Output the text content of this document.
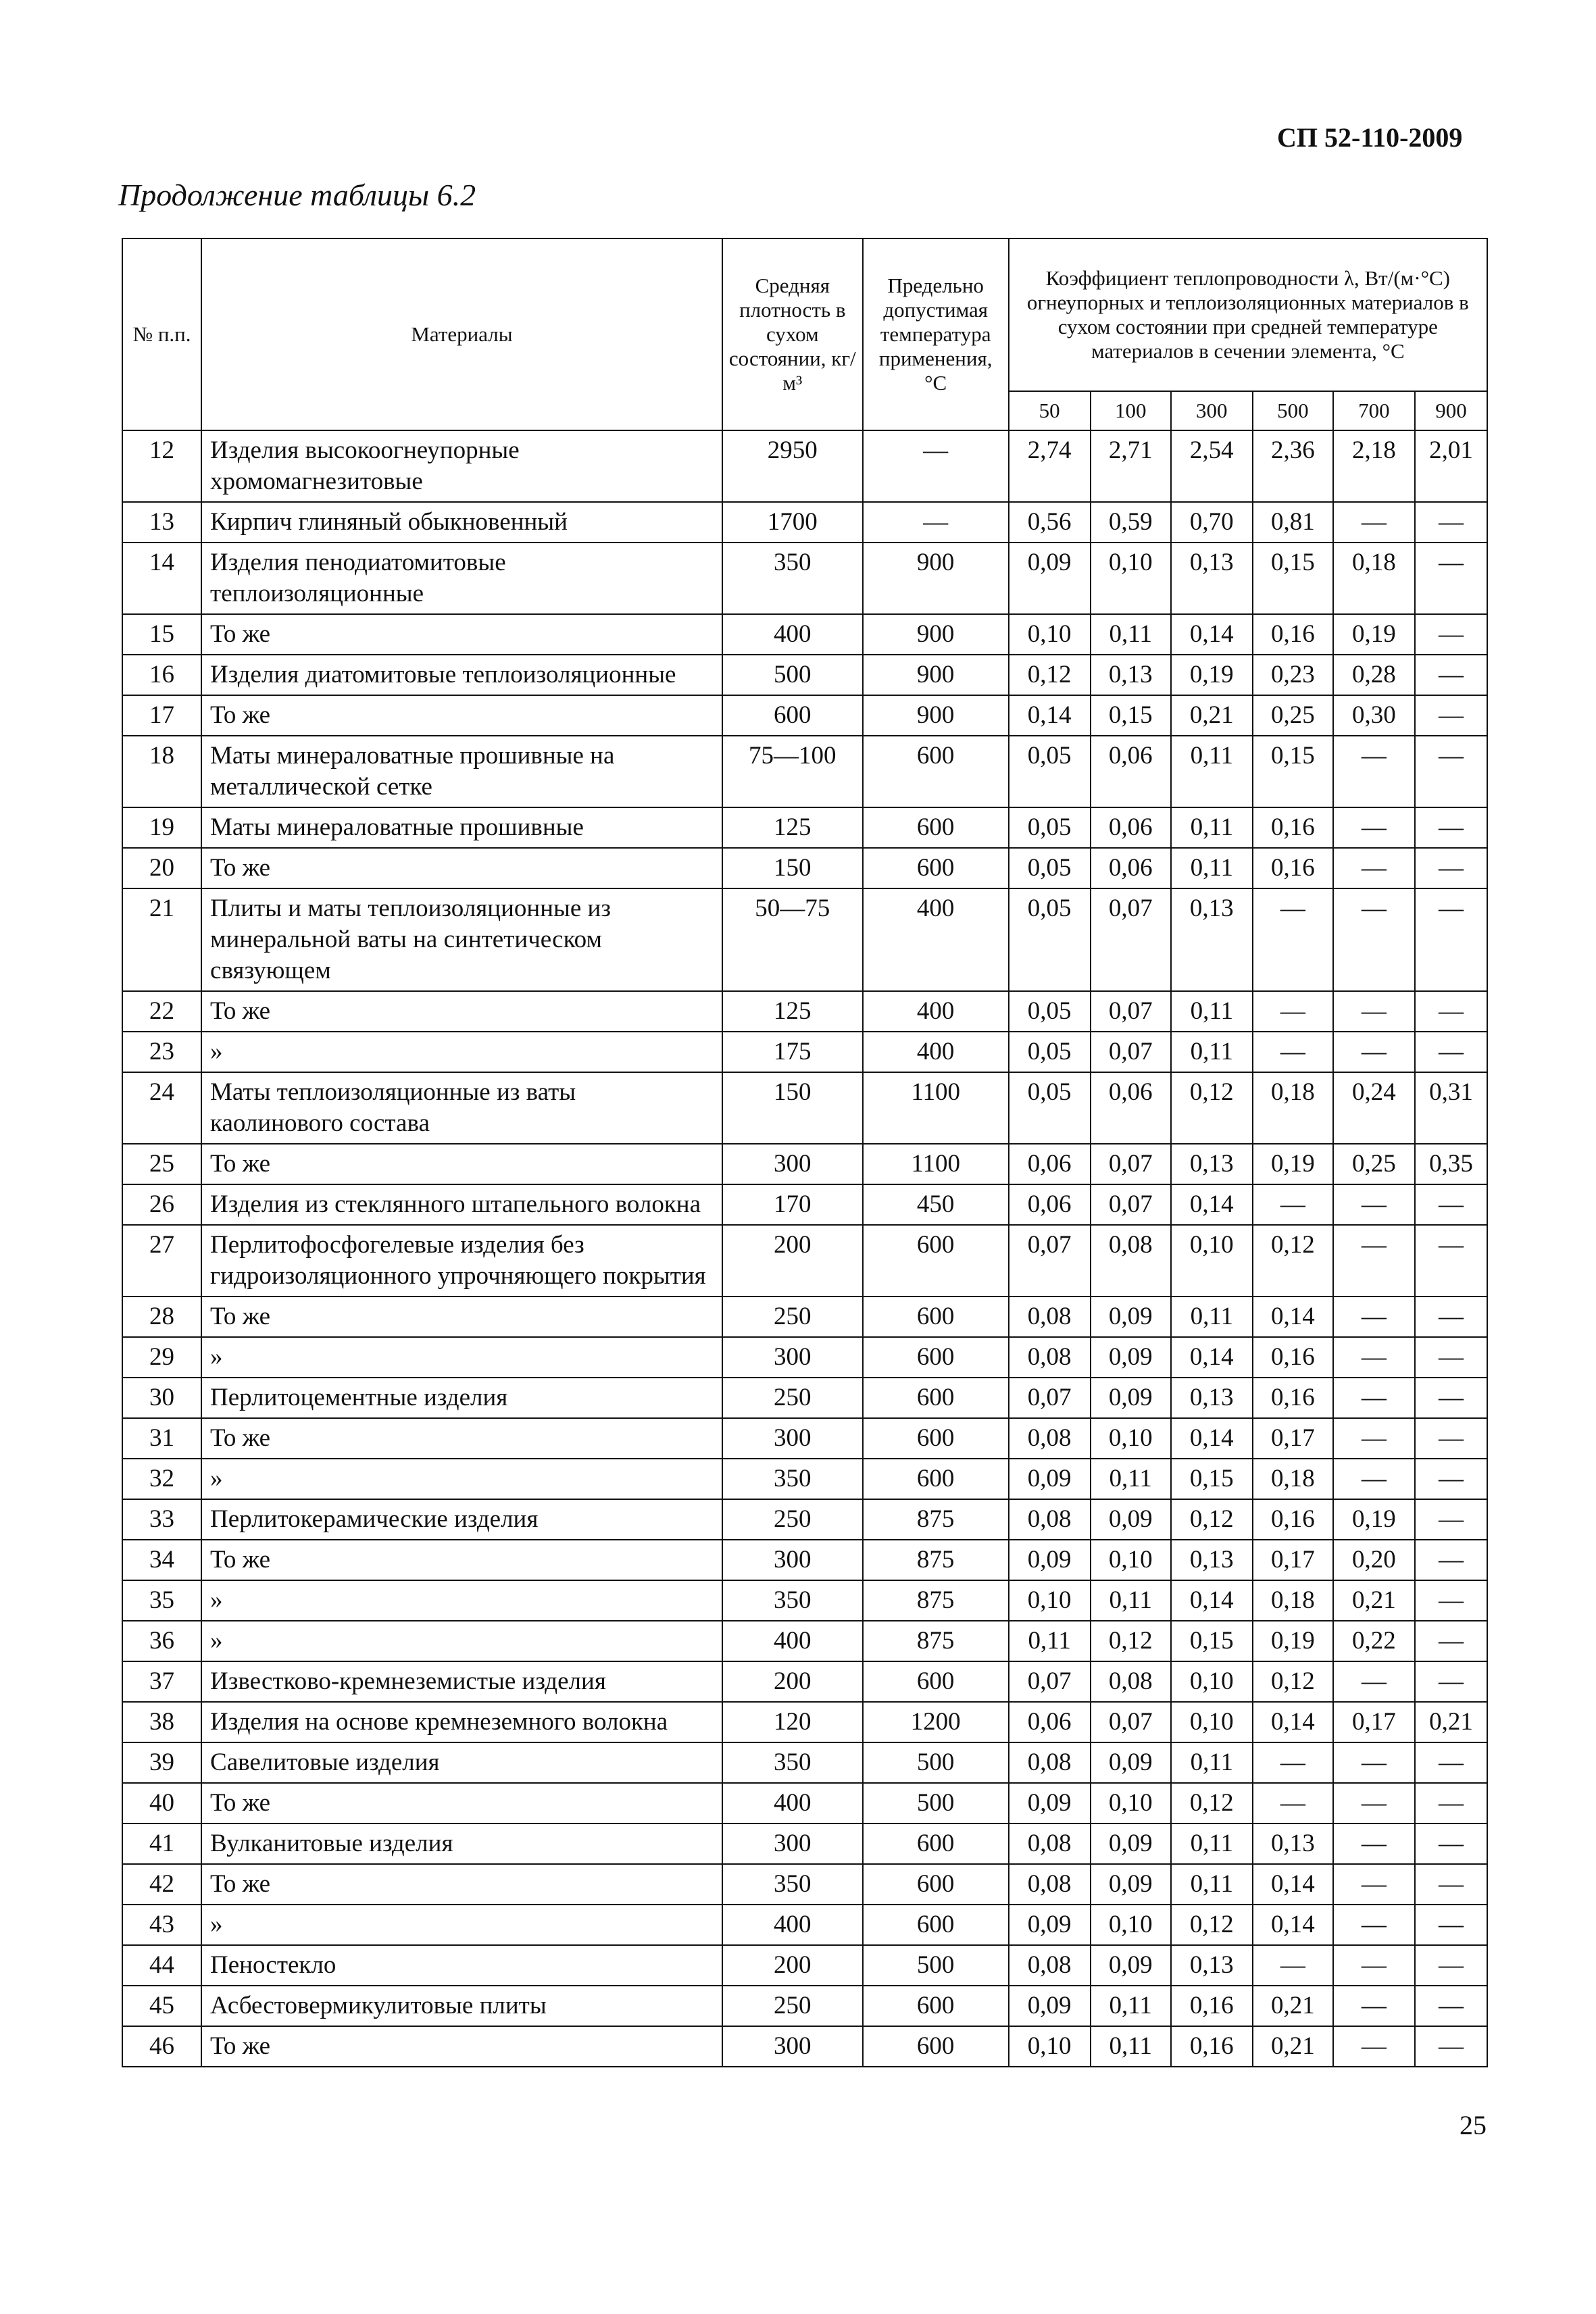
СП 52-110-2009
Продолжение таблицы 6.2
№ п.п.	Материалы	Средняя плотность в сухом состоянии, кг/м³	Предельно допустимая температура применения, °С	Коэффициент теплопроводности λ, Вт/(м·°С) огнеупорных и теплоизоляционных материалов в сухом состоянии при средней температуре материалов в сечении элемента, °С					
				50	100	300	500	700	900
12	Изделия высокоогнеупорные хромомагнезитовые	2950	—	2,74	2,71	2,54	2,36	2,18	2,01
13	Кирпич глиняный обыкновенный	1700	—	0,56	0,59	0,70	0,81	—	—
14	Изделия пенодиатомитовые теплоизоляционные	350	900	0,09	0,10	0,13	0,15	0,18	—
15	То же	400	900	0,10	0,11	0,14	0,16	0,19	—
16	Изделия диатомитовые теплоизоляционные	500	900	0,12	0,13	0,19	0,23	0,28	—
17	То же	600	900	0,14	0,15	0,21	0,25	0,30	—
18	Маты минераловатные прошивные на металлической сетке	75—100	600	0,05	0,06	0,11	0,15	—	—
19	Маты минераловатные прошивные	125	600	0,05	0,06	0,11	0,16	—	—
20	То же	150	600	0,05	0,06	0,11	0,16	—	—
21	Плиты и маты теплоизоляционные из минеральной ваты на синтетическом связующем	50—75	400	0,05	0,07	0,13	—	—	—
22	То же	125	400	0,05	0,07	0,11	—	—	—
23	»	175	400	0,05	0,07	0,11	—	—	—
24	Маты теплоизоляционные из ваты каолинового состава	150	1100	0,05	0,06	0,12	0,18	0,24	0,31
25	То же	300	1100	0,06	0,07	0,13	0,19	0,25	0,35
26	Изделия из стеклянного штапельного волокна	170	450	0,06	0,07	0,14	—	—	—
27	Перлитофосфогелевые изделия без гидроизоляционного упрочняющего покрытия	200	600	0,07	0,08	0,10	0,12	—	—
28	То же	250	600	0,08	0,09	0,11	0,14	—	—
29	»	300	600	0,08	0,09	0,14	0,16	—	—
30	Перлитоцементные изделия	250	600	0,07	0,09	0,13	0,16	—	—
31	То же	300	600	0,08	0,10	0,14	0,17	—	—
32	»	350	600	0,09	0,11	0,15	0,18	—	—
33	Перлитокерамические изделия	250	875	0,08	0,09	0,12	0,16	0,19	—
34	То же	300	875	0,09	0,10	0,13	0,17	0,20	—
35	»	350	875	0,10	0,11	0,14	0,18	0,21	—
36	»	400	875	0,11	0,12	0,15	0,19	0,22	—
37	Известково-кремнеземистые изделия	200	600	0,07	0,08	0,10	0,12	—	—
38	Изделия на основе кремнеземного волокна	120	1200	0,06	0,07	0,10	0,14	0,17	0,21
39	Савелитовые изделия	350	500	0,08	0,09	0,11	—	—	—
40	То же	400	500	0,09	0,10	0,12	—	—	—
41	Вулканитовые изделия	300	600	0,08	0,09	0,11	0,13	—	—
42	То же	350	600	0,08	0,09	0,11	0,14	—	—
43	»	400	600	0,09	0,10	0,12	0,14	—	—
44	Пеностекло	200	500	0,08	0,09	0,13	—	—	—
45	Асбестовермикулитовые плиты	250	600	0,09	0,11	0,16	0,21	—	—
46	То же	300	600	0,10	0,11	0,16	0,21	—	—
25
